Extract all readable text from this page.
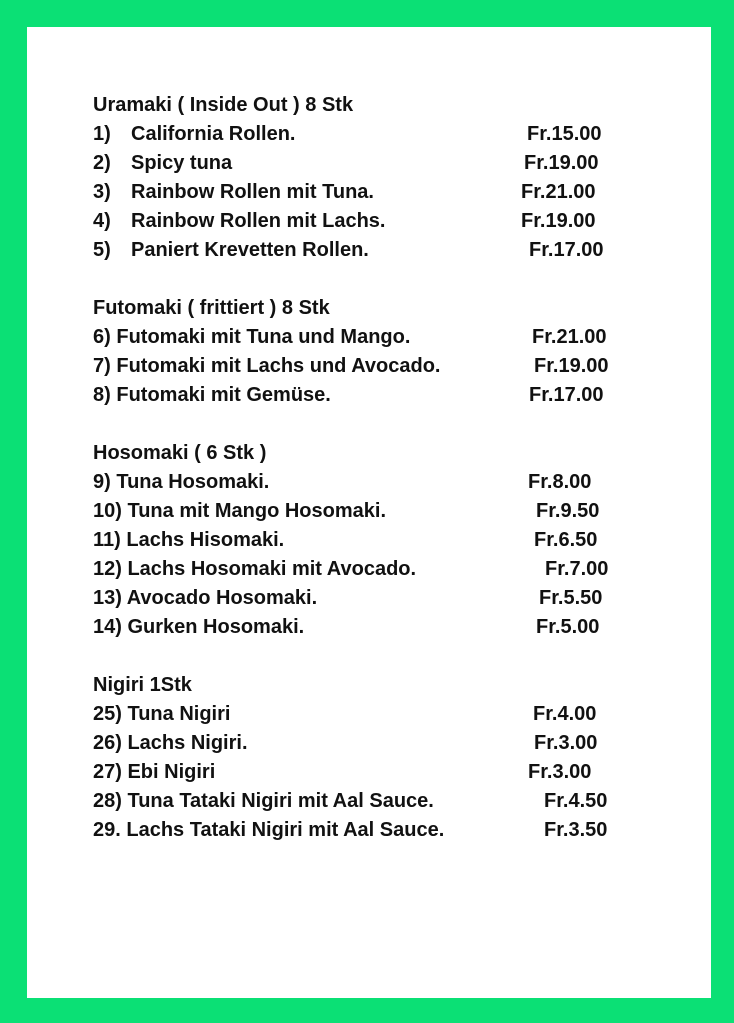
Uramaki ( Inside Out ) 8 Stk
1) California Rollen.	Fr.15.00
2) Spicy tuna	Fr.19.00
3) Rainbow Rollen mit Tuna.	Fr.21.00
4) Rainbow Rollen mit Lachs.	Fr.19.00
5) Paniert Krevetten Rollen.	Fr.17.00
Futomaki ( frittiert ) 8 Stk
6) Futomaki mit Tuna und Mango.	Fr.21.00
7) Futomaki mit Lachs und Avocado.	Fr.19.00
8) Futomaki mit Gemüse.	Fr.17.00
Hosomaki ( 6 Stk )
9) Tuna Hosomaki.	Fr.8.00
10) Tuna mit Mango Hosomaki.	Fr.9.50
11) Lachs Hisomaki.	Fr.6.50
12) Lachs Hosomaki mit Avocado.	Fr.7.00
13) Avocado Hosomaki.	Fr.5.50
14) Gurken Hosomaki.	Fr.5.00
Nigiri 1Stk
25) Tuna Nigiri	Fr.4.00
26) Lachs Nigiri.	Fr.3.00
27) Ebi Nigiri	Fr.3.00
28) Tuna Tataki Nigiri mit Aal Sauce.	Fr.4.50
29. Lachs Tataki Nigiri mit Aal Sauce.	Fr.3.50
